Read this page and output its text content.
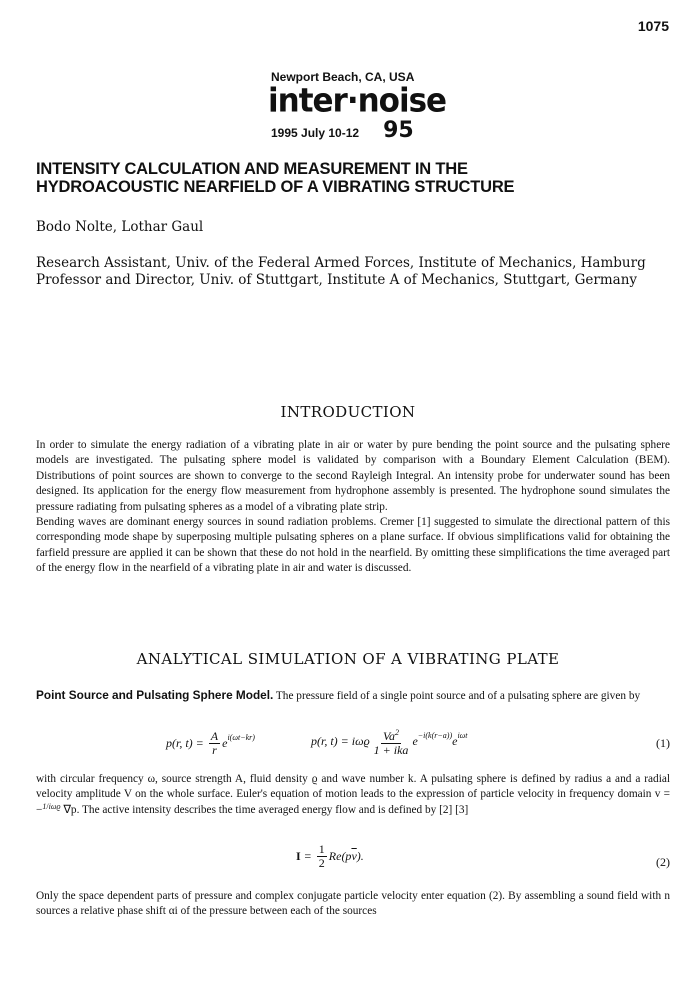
1075
Newport Beach, CA, USA
inter·noise
1995 July 10-12 95
INTENSITY CALCULATION AND MEASUREMENT IN THE
HYDROACOUSTIC NEARFIELD OF A VIBRATING STRUCTURE
Bodo Nolte, Lothar Gaul
Research Assistant, Univ. of the Federal Armed Forces, Institute of Mechanics, Hamburg
Professor and Director, Univ. of Stuttgart, Institute A of Mechanics, Stuttgart, Germany
INTRODUCTION

In order to simulate the energy radiation of a vibrating plate in air or water by pure bending the point source and the pulsating sphere models are investigated. The pulsating sphere model is validated by comparison with a Boundary Element Calculation (BEM). Distributions of point sources are shown to converge to the second Rayleigh Integral. An intensity probe for underwater sound has been designed. Its application for the energy flow measurement from hydrophone assembly is presented. The hydrophone sound simulates the pressure radiating from pulsating spheres as a model of a vibrating plate strip.

Bending waves are dominant energy sources in sound radiation problems. Cremer [1] suggested to simulate the directional pattern of this corresponding mode shape by superposing multiple pulsating spheres on a plane surface. If obvious simplifications valid for obtaining the farfield pressure are applied it can be shown that these do not hold in the nearfield. By omitting these simplifications the time averaged part of the energy flow in the nearfield of a vibrating plate in air and water is discussed.

ANALYTICAL SIMULATION OF A VIBRATING PLATE

Point Source and Pulsating Sphere Model. The pressure field of a single point source and of a pulsating sphere are given by

p(r, $t) = \frac{A}{r}$ e i(ωt−kr)	p(r, t) = iωϱ $\frac{Va^2}{\text{1 + ika}}$ e −i(k(r−a)) e iωt
(1)

with circular frequency ω, source strength A, fluid density ϱ and wave number k. A pulsating sphere is defined by radius a and a radial velocity amplitude V on the whole surface. Euler's equation of motion leads to the expression of particle velocity in frequency domain v = −$^{1/i\omega ϱ}$ ∇p. The active intensity describes the time averaged energy flow and is defined by [2] [3]

$I = \frac{1}{2} Re(p$ $\overline{v}$ ).	(2)

Only the space dependent parts of pressure and complex conjugate particle velocity enter equation (2). By assembling a sound field with n sources a relative phase shift αi of the pressure between each of the sources
